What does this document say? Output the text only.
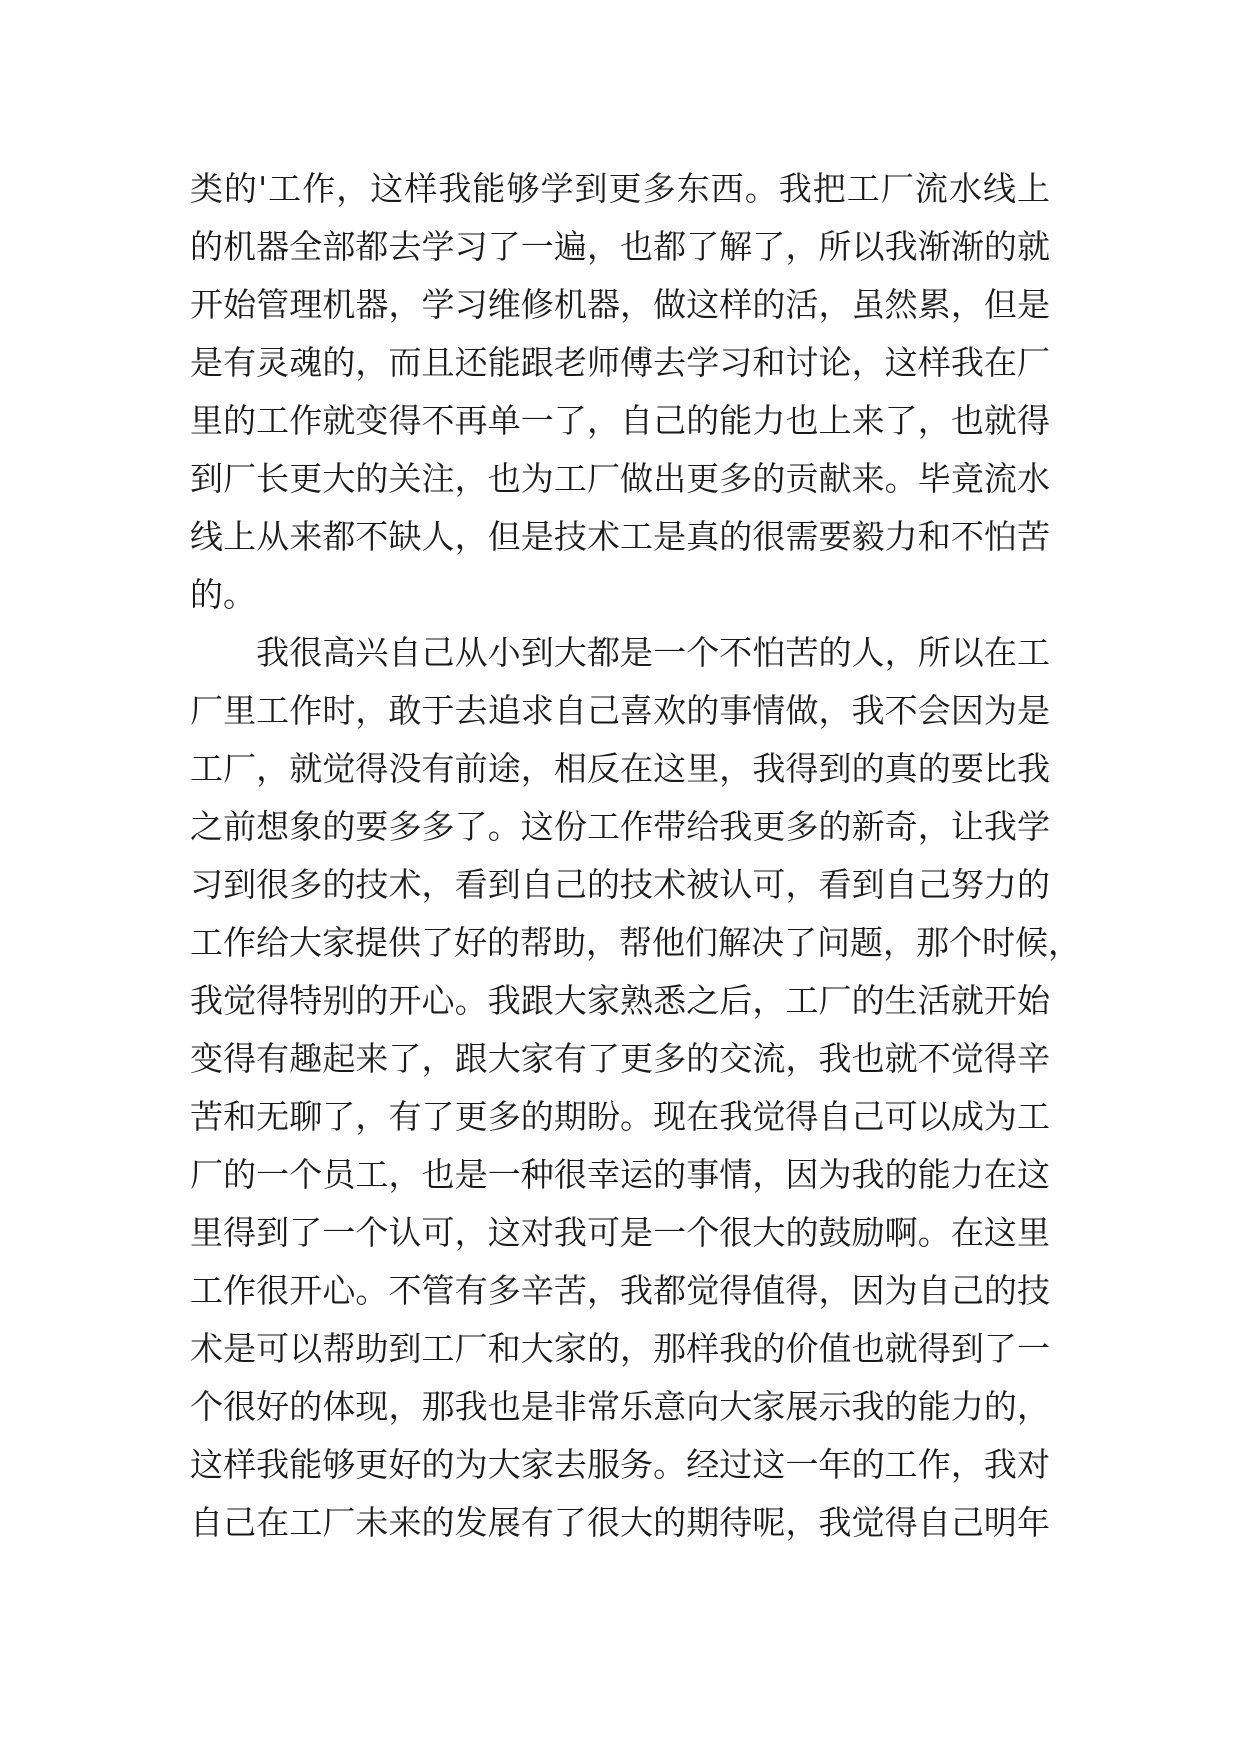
类的'工作，这样我能够学到更多东西。我把工厂流水线上
的机器全部都去学习了一遍，也都了解了，所以我渐渐的就
开始管理机器，学习维修机器，做这样的活，虽然累，但是
是有灵魂的，而且还能跟老师傅去学习和讨论，这样我在厂
里的工作就变得不再单一了，自己的能力也上来了，也就得
到厂长更大的关注，也为工厂做出更多的贡献来。毕竟流水
线上从来都不缺人，但是技术工是真的很需要毅力和不怕苦
的。
　　我很高兴自己从小到大都是一个不怕苦的人，所以在工
厂里工作时，敢于去追求自己喜欢的事情做，我不会因为是
工厂，就觉得没有前途，相反在这里，我得到的真的要比我
之前想象的要多多了。这份工作带给我更多的新奇，让我学
习到很多的技术，看到自己的技术被认可，看到自己努力的
工作给大家提供了好的帮助，帮他们解决了问题，那个时候，
我觉得特别的开心。我跟大家熟悉之后，工厂的生活就开始
变得有趣起来了，跟大家有了更多的交流，我也就不觉得辛
苦和无聊了，有了更多的期盼。现在我觉得自己可以成为工
厂的一个员工，也是一种很幸运的事情，因为我的能力在这
里得到了一个认可，这对我可是一个很大的鼓励啊。在这里
工作很开心。不管有多辛苦，我都觉得值得，因为自己的技
术是可以帮助到工厂和大家的，那样我的价值也就得到了一
个很好的体现，那我也是非常乐意向大家展示我的能力的，
这样我能够更好的为大家去服务。经过这一年的工作，我对
自己在工厂未来的发展有了很大的期待呢，我觉得自己明年
